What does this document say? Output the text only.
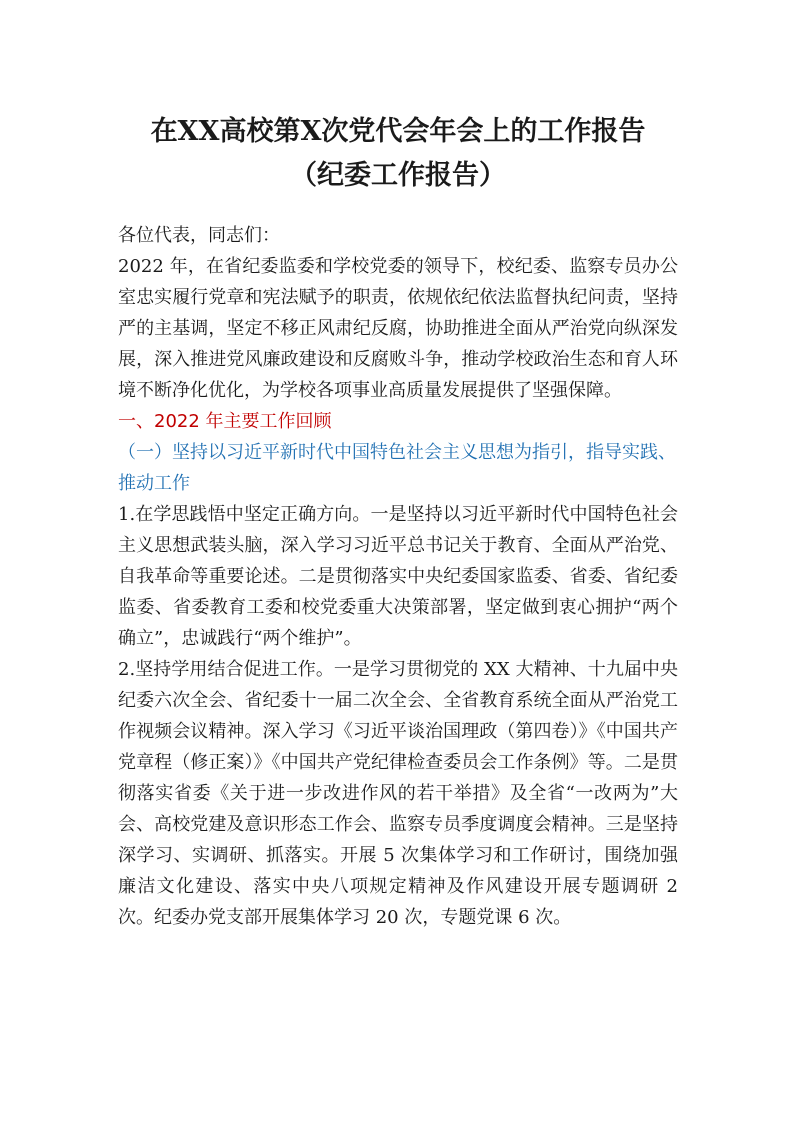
在XX高校第X次党代会年会上的工作报告
（纪委工作报告）

各位代表，同志们：

2022 年，在省纪委监委和学校党委的领导下，校纪委、监察专员办公室忠实履行党章和宪法赋予的职责，依规依纪依法监督执纪问责，坚持严的主基调，坚定不移正风肃纪反腐，协助推进全面从严治党向纵深发展，深入推进党风廉政建设和反腐败斗争，推动学校政治生态和育人环境不断净化优化，为学校各项事业高质量发展提供了坚强保障。

一、2022 年主要工作回顾

（一）坚持以习近平新时代中国特色社会主义思想为指引，指导实践、推动工作

1.在学思践悟中坚定正确方向。一是坚持以习近平新时代中国特色社会主义思想武装头脑，深入学习习近平总书记关于教育、全面从严治党、自我革命等重要论述。二是贯彻落实中央纪委国家监委、省委、省纪委监委、省委教育工委和校党委重大决策部署，坚定做到衷心拥护“两个确立”，忠诚践行“两个维护”。

2.坚持学用结合促进工作。一是学习贯彻党的 XX 大精神、十九届中央纪委六次全会、省纪委十一届二次全会、全省教育系统全面从严治党工作视频会议精神。深入学习《习近平谈治国理政（第四卷）》《中国共产党章程（修正案）》《中国共产党纪律检查委员会工作条例》等。二是贯彻落实省委《关于进一步改进作风的若干举措》及全省“一改两为”大会、高校党建及意识形态工作会、监察专员季度调度会精神。三是坚持深学习、实调研、抓落实。开展 5 次集体学习和工作研讨，围绕加强廉洁文化建设、落实中央八项规定精神及作风建设开展专题调研 2 次。纪委办党支部开展集体学习 20 次，专题党课 6 次。
